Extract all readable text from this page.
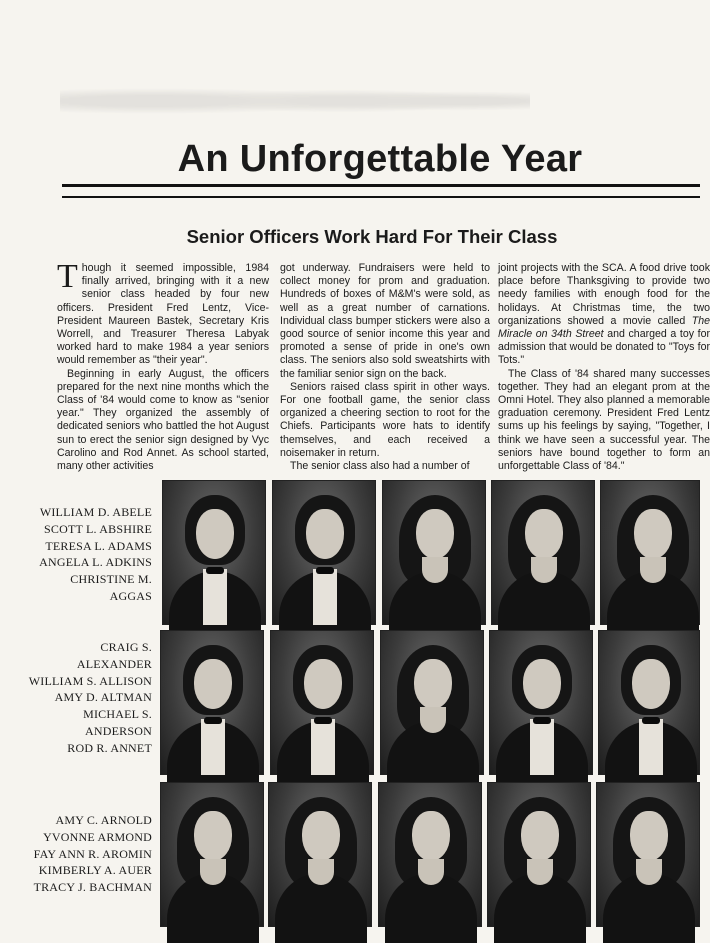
An Unforgettable Year
Senior Officers Work Hard For Their Class

Though it seemed impossible, 1984 finally arrived, bringing with it a new senior class headed by four new officers. President Fred Lentz, Vice-President Maureen Bastek, Secretary Kris Worrell, and Treasurer Theresa Labyak worked hard to make 1984 a year seniors would remember as "their year".

Beginning in early August, the officers prepared for the next nine months which the Class of '84 would come to know as "senior year." They organized the assembly of dedicated seniors who battled the hot August sun to erect the senior sign designed by Vyc Carolino and Rod Annet. As school started, many other activities

got underway. Fundraisers were held to collect money for prom and graduation. Hundreds of boxes of M&M's were sold, as well as a great number of carnations. Individual class bumper stickers were also a good source of senior income this year and promoted a sense of pride in one's own class. The seniors also sold sweatshirts with the familiar senior sign on the back.

Seniors raised class spirit in other ways. For one football game, the senior class organized a cheering section to root for the Chiefs. Participants wore hats to identify themselves, and each received a noisemaker in return.

The senior class also had a number of

joint projects with the SCA. A food drive took place before Thanksgiving to provide two needy families with enough food for the holidays. At Christmas time, the two organizations showed a movie called The Miracle on 34th Street and charged a toy for admission that would be donated to "Toys for Tots."

The Class of '84 shared many successes together. They had an elegant prom at the Omni Hotel. They also planned a memorable graduation ceremony. President Fred Lentz sums up his feelings by saying, "Together, I think we have seen a successful year. The seniors have bound together to form an unforgettable Class of '84."

WILLIAM D. ABELE
SCOTT L. ABSHIRE
TERESA L. ADAMS
ANGELA L. ADKINS
CHRISTINE M.
AGGAS
CRAIG S.
ALEXANDER
WILLIAM S. ALLISON
AMY D. ALTMAN
MICHAEL S.
ANDERSON
ROD R. ANNET
AMY C. ARNOLD
YVONNE ARMOND
FAY ANN R. AROMIN
KIMBERLY A. AUER
TRACY J. BACHMAN
